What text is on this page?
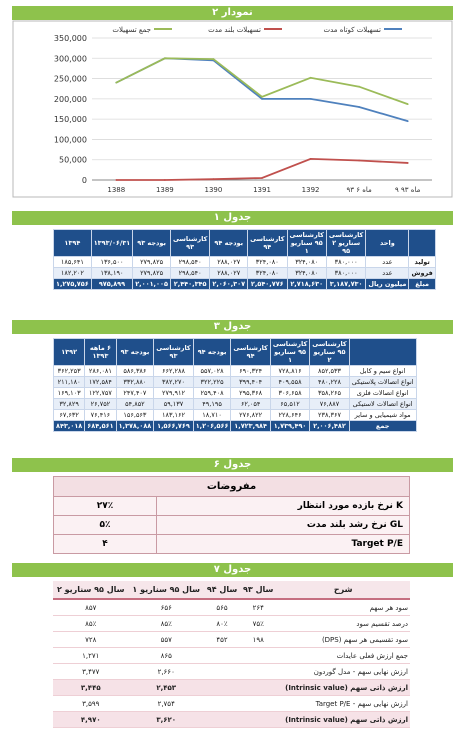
نمودار ۲
0
50,000
100,000
150,000
200,000
250,000
300,000
350,000
1388	1389	1390	1391	1392	۹۳ ماه ۶	۹ ماه ۹۳
تسهیلات کوتاه مدت
تسهیلات بلند مدت
جمع تسهیلات
جدول ۱
	واحد	کارشناسی سناریو ۲ ۹۵	کارشناسی ۹۵ سناریو ۱	کارشناسی ۹۴	بودجه ۹۴	کارشناسی ۹۳	بودجه ۹۳	۱۳۹۳/۰۶/۳۱	۱۳۹۴
تولید	عدد	۳۸۰,۰۰۰	۳۲۴,۰۸۰	۳۲۴,۰۸۰	۲۸۸,۰۲۷	۲۹۸,۵۴۰	۲۷۹,۸۲۵	۱۳۶,۵۰۰	۱۸۵,۶۴۱
فروش	عدد	۳۸۰,۰۰۰	۳۲۴,۰۸۰	۳۲۴,۰۸۰	۲۸۸,۰۲۷	۲۹۸,۵۴۰	۲۷۹,۸۲۵	۱۳۸,۱۹۰	۱۸۲,۲۰۲
مبلغ	میلیون ریال	۳,۱۸۷,۷۳۰	۲,۷۱۸,۶۳۰	۲,۵۴۰,۷۷۶	۲,۰۶۰,۳۰۷	۲,۴۴۰,۳۴۵	۲,۰۰۱,۰۰۵	۹۷۵,۸۹۹	۱,۲۷۵,۷۵۶
جدول ۳
	کارشناسی ۹۵ سناریو ۲	کارشناسی ۹۵ سناریو ۱	کارشناسی ۹۴	بودجه ۹۴	کارشناسی ۹۳	بودجه ۹۳	۶ ماهه ۱۳۹۳	۱۳۹۲
انواع سیم و کابل	۸۵۲,۵۳۳	۷۲۸,۸۱۶	۶۹۰,۳۲۴	۵۵۷,۰۲۸	۶۶۲,۲۸۸	۵۸۶,۳۸۶	۲۸۶,۰۸۱	۳۶۲,۲۵۳
انواع اتصالات پلاستیکی	۴۸۰,۲۲۸	۴۰۹,۵۵۸	۳۹۹,۴۰۴	۳۲۲,۲۲۵	۳۸۲,۲۷۰	۳۳۲,۸۸۰	۱۷۲,۵۸۴	۲۱۱,۱۸۰
انواع اتصالات فلزی	۳۵۸,۲۶۵	۳۰۶,۶۵۸	۲۹۵,۳۶۸	۲۵۹,۴۰۸	۲۷۹,۹۱۲	۲۴۷,۴۰۷	۱۲۲,۷۵۷	۱۶۹,۱۰۳
انواع اتصالات لاستیکی	۷۶,۸۸۷	۶۵,۵۱۲	۶۲,۰۵۴	۴۹,۱۹۵	۵۹,۱۳۷	۵۴,۸۵۲	۲۶,۷۵۲	۳۲,۸۲۹
مواد شیمیایی و سایر	۲۳۸,۳۶۷	۲۲۸,۶۴۶	۲۷۶,۸۲۲	۱۸,۷۱۰	۱۸۳,۱۶۲	۱۵۶,۵۶۳	۷۶,۴۱۶	۶۷,۶۳۲
جمع	۲,۰۰۶,۴۸۲	۱,۷۳۹,۴۹۰	۱,۷۲۳,۹۸۴	۱,۲۰۶,۵۶۶	۱,۵۶۶,۷۶۹	۱,۳۷۸,۰۸۸	۶۸۴,۵۶۱	۸۴۳,۰۱۸
جدول ۶
مفروضات	
۲۷٪	نرخ بازده مورد انتظار K
۵٪	نرخ رشد بلند مدت GL
۴	Target P/E
جدول ۷
شرح	سال ۹۳	سال ۹۴	سال ۹۵ سناریو ۱	سال ۹۵ سناریو ۲
سود هر سهم	۲۶۴	۵۶۵	۶۵۶	۸۵۷
درصد تقسیم سود	۷۵٪	۸۰٪	۸۵٪	۸۵٪
سود تقسیمی هر سهم (DPS)	۱۹۸	۴۵۲	۵۵۷	۷۲۸
جمع ارزش فعلی عایدات			۸۶۵	۱,۲۷۱
ارزش نهایی سهم - مدل گوردون			۲,۶۶۰	۳,۴۷۷
ارزش ذاتی سهم (Intrinsic value)			۲,۴۵۳	۳,۴۴۵
ارزش نهایی سهم - Target P/E			۲,۷۵۴	۳,۵۹۹
ارزش ذاتی سهم (Intrinsic value)			۳,۶۲۰	۴,۹۷۰
